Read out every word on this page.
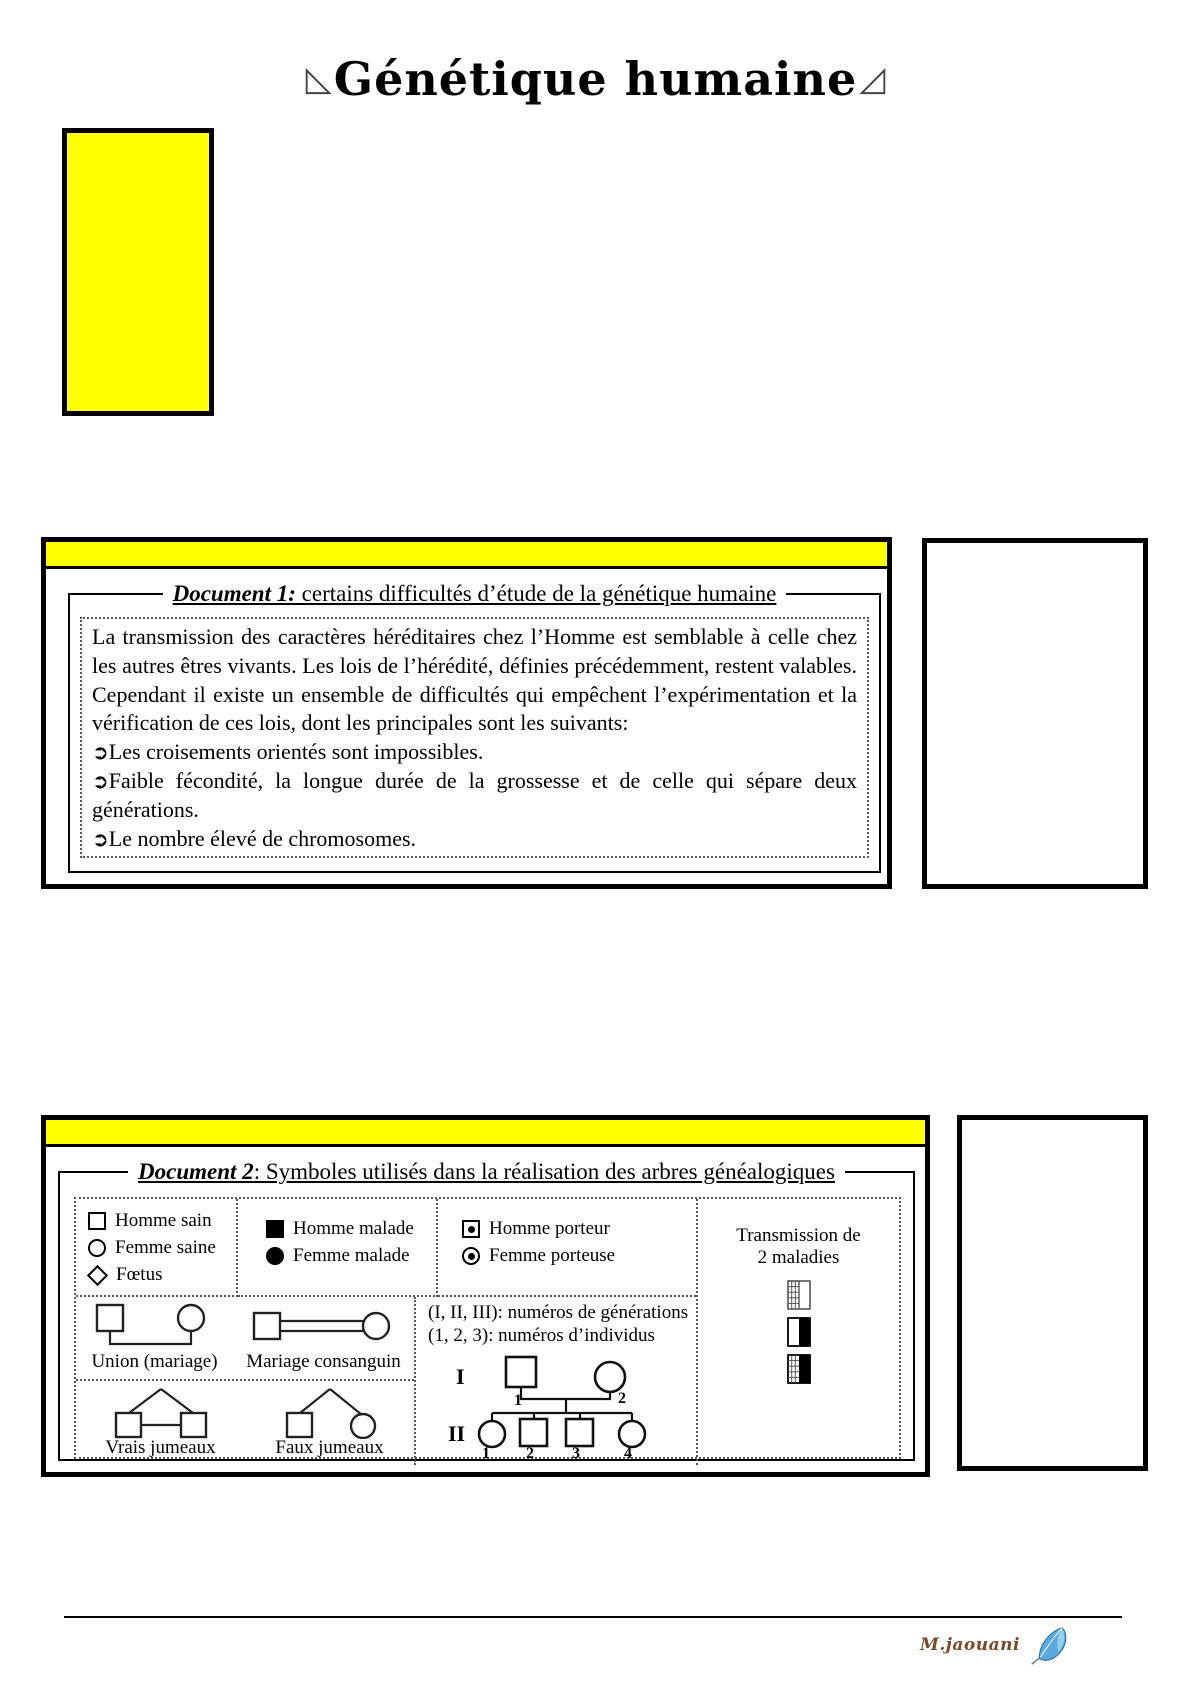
◺Génétique humaine◿
Document 1: certains difficultés d’étude de la génétique humaine
La transmission des caractères héréditaires chez l’Homme est semblable à celle chez les autres êtres vivants. Les lois de l’hérédité, définies précédemment, restent valables. Cependant il existe un ensemble de difficultés qui empêchent l’expérimentation et la vérification de ces lois, dont les principales sont les suivants:
➲Les croisements orientés sont impossibles.
➲Faible fécondité, la longue durée de la grossesse et de celle qui sépare deux générations.
➲Le nombre élevé de chromosomes.
Document 2: Symboles utilisés dans la réalisation des arbres généalogiques
Homme sain
Femme saine
Fœtus
Homme malade
Femme malade
Homme porteur
Femme porteuse
Transmission de
2 maladies
Union (mariage) Mariage consanguin
Vrais jumeaux	Faux jumeaux
(I, II, III): numéros de générations
(1, 2, 3): numéros d’individus
I
II
1	2
1 2 3	4
M.jaouani
